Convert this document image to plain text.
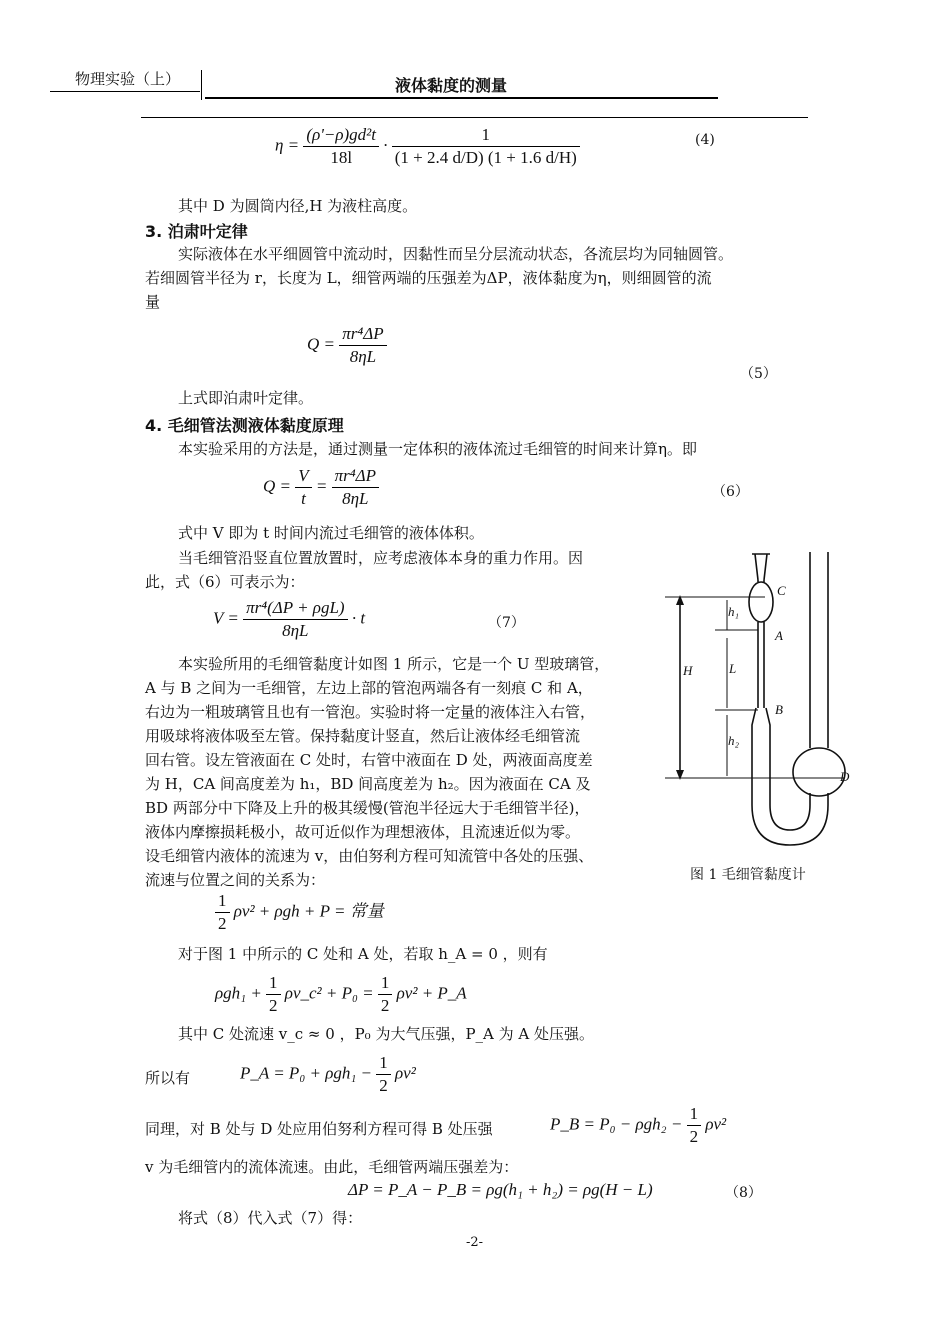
物理实验（上）	液体黏度的测量
$\eta = \frac{\text{(ρ'−ρ)gd²t}}{18l} \cdot \frac{1}{(1 + 2.4 d/D) (1 + 1.6 d/H)}$	(4)
其中 D 为圆筒内径,H 为液柱高度。
3. 泊肃叶定律
实际液体在水平细圆管中流动时，因黏性而呈分层流动状态，各流层均为同轴圆管。
若细圆管半径为 r，长度为 L，细管两端的压强差为ΔP，液体黏度为η，则细圆管的流
量
$Q = \frac{\text{πr⁴ΔP}}{8\eta L}$
（5）
上式即泊肃叶定律。
4. 毛细管法测液体黏度原理
本实验采用的方法是，通过测量一定体积的液体流过毛细管的时间来计算η。即
$Q = \frac{V}{t} = \frac{\text{πr⁴ΔP}}{8\eta L}$	（6）
式中 V 即为 t 时间内流过毛细管的液体体积。
当毛细管沿竖直位置放置时，应考虑液体本身的重力作用。因
此，式（6）可表示为：
$V = \frac{\text{πr⁴(ΔP + ρgL)}}{8\eta L} \cdot t$	（7）
本实验所用的毛细管黏度计如图 1 所示，它是一个 U 型玻璃管，
A 与 B 之间为一毛细管，左边上部的管泡两端各有一刻痕 C 和 A，
右边为一粗玻璃管且也有一管泡。实验时将一定量的液体注入右管，
用吸球将液体吸至左管。保持黏度计竖直，然后让液体经毛细管流
回右管。设左管液面在 C 处时，右管中液面在 D 处，两液面高度差
为 H，CA 间高度差为 h₁，BD 间高度差为 h₂。因为液面在 CA 及
BD 两部分中下降及上升的极其缓慢(管泡半径远大于毛细管半径)，
液体内摩擦损耗极小，故可近似作为理想液体，且流速近似为零。
设毛细管内液体的流速为 v，由伯努利方程可知流管中各处的压强、
流速与位置之间的关系为：
C
A
B
D
H	L
h₁
h₂
图 1 毛细管黏度计
$\frac{1}{2} \rho v^2 + \rho gh + P$ = 常量
对于图 1 中所示的 C 处和 A 处，若取 h_A = 0 ，则有
$\rho gh_1 + \frac{1}{2}$ ρv_c² + $P_0 = \frac{1}{2} \rho v^2$ + P_A
其中 C 处流速 v_c ≈ 0 ，P₀ 为大气压强，P_A 为 A 处压强。
所以有	P_A = $P_0 + \rho gh_1 - \frac{1}{2} \rho v^2$
同理，对 B 处与 D 处应用伯努利方程可得 B 处压强	P_B = $P_0 - \rho gh_2 - \frac{1}{2} \rho v^2$
v 为毛细管内的流体流速。由此，毛细管两端压强差为：
ΔP = P_A − P_B = ρg(h₁ + h₂) = ρg(H − L)	（8）
将式（8）代入式（7）得：
-2-
